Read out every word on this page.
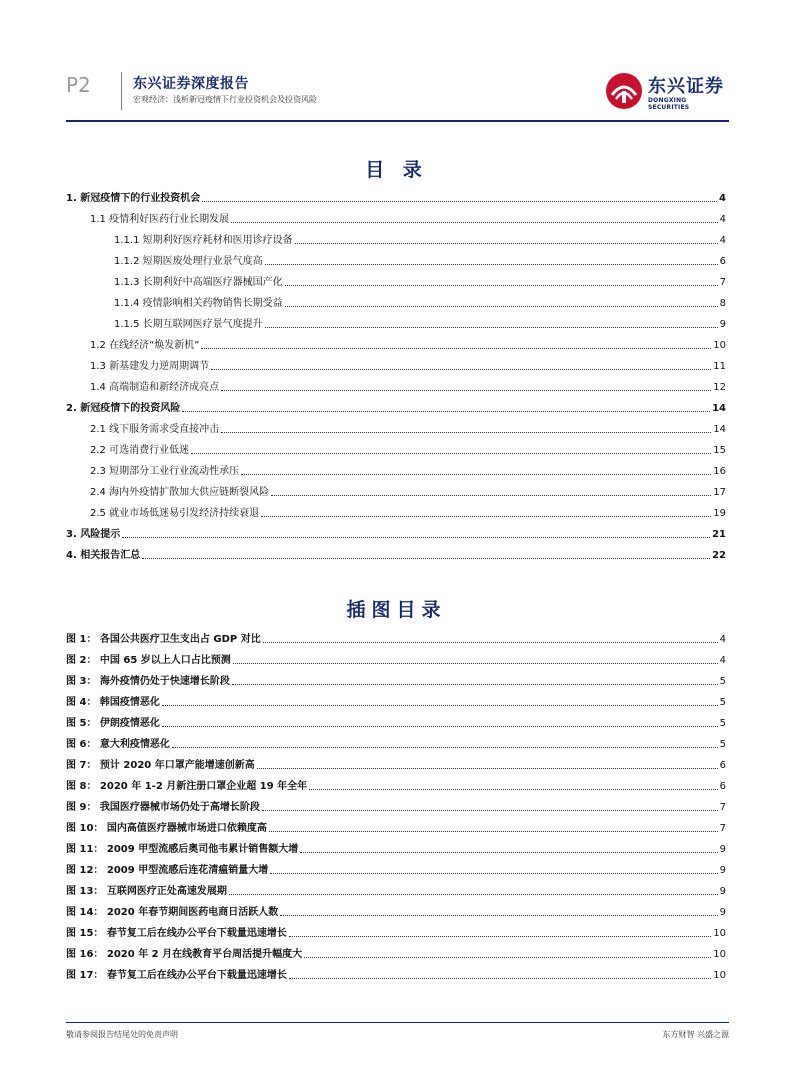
P2	东兴证券深度报告
宏观经济：浅析新冠疫情下行业投资机会及投资风险
东兴证券
DONGXING SECURITIES
目 录
1. 新冠疫情下的行业投资机会	4
1.1 疫情利好医药行业长期发展	4
1.1.1 短期利好医疗耗材和医用诊疗设备	4
1.1.2 短期医废处理行业景气度高	6
1.1.3 长期利好中高端医疗器械国产化	7
1.1.4 疫情影响相关药物销售长期受益	8
1.1.5 长期互联网医疗景气度提升	9
1.2 在线经济“焕发新机”	10
1.3 新基建发力逆周期调节	11
1.4 高端制造和新经济成亮点	12
2. 新冠疫情下的投资风险	14
2.1 线下服务需求受直接冲击	14
2.2 可选消费行业低迷	15
2.3 短期部分工业行业流动性承压	16
2.4 海内外疫情扩散加大供应链断裂风险	17
2.5 就业市场低迷易引发经济持续衰退	19
3. 风险提示	21
4. 相关报告汇总	22
插图目录
图 1： 各国公共医疗卫生支出占 GDP 对比	4
图 2： 中国 65 岁以上人口占比预测	4
图 3： 海外疫情仍处于快速增长阶段	5
图 4： 韩国疫情恶化	5
图 5： 伊朗疫情恶化	5
图 6： 意大利疫情恶化	5
图 7： 预计 2020 年口罩产能增速创新高	6
图 8： 2020 年 1-2 月新注册口罩企业超 19 年全年	6
图 9： 我国医疗器械市场仍处于高增长阶段	7
图 10： 国内高值医疗器械市场进口依赖度高	7
图 11： 2009 甲型流感后奥司他韦累计销售额大增	9
图 12： 2009 甲型流感后连花清瘟销量大增	9
图 13： 互联网医疗正处高速发展期	9
图 14： 2020 年春节期间医药电商日活跃人数	9
图 15： 春节复工后在线办公平台下载量迅速增长	10
图 16： 2020 年 2 月在线教育平台周活提升幅度大	10
图 17： 春节复工后在线办公平台下载量迅速增长	10
敬请参阅报告结尾处的免责声明	东方财智 兴盛之源
